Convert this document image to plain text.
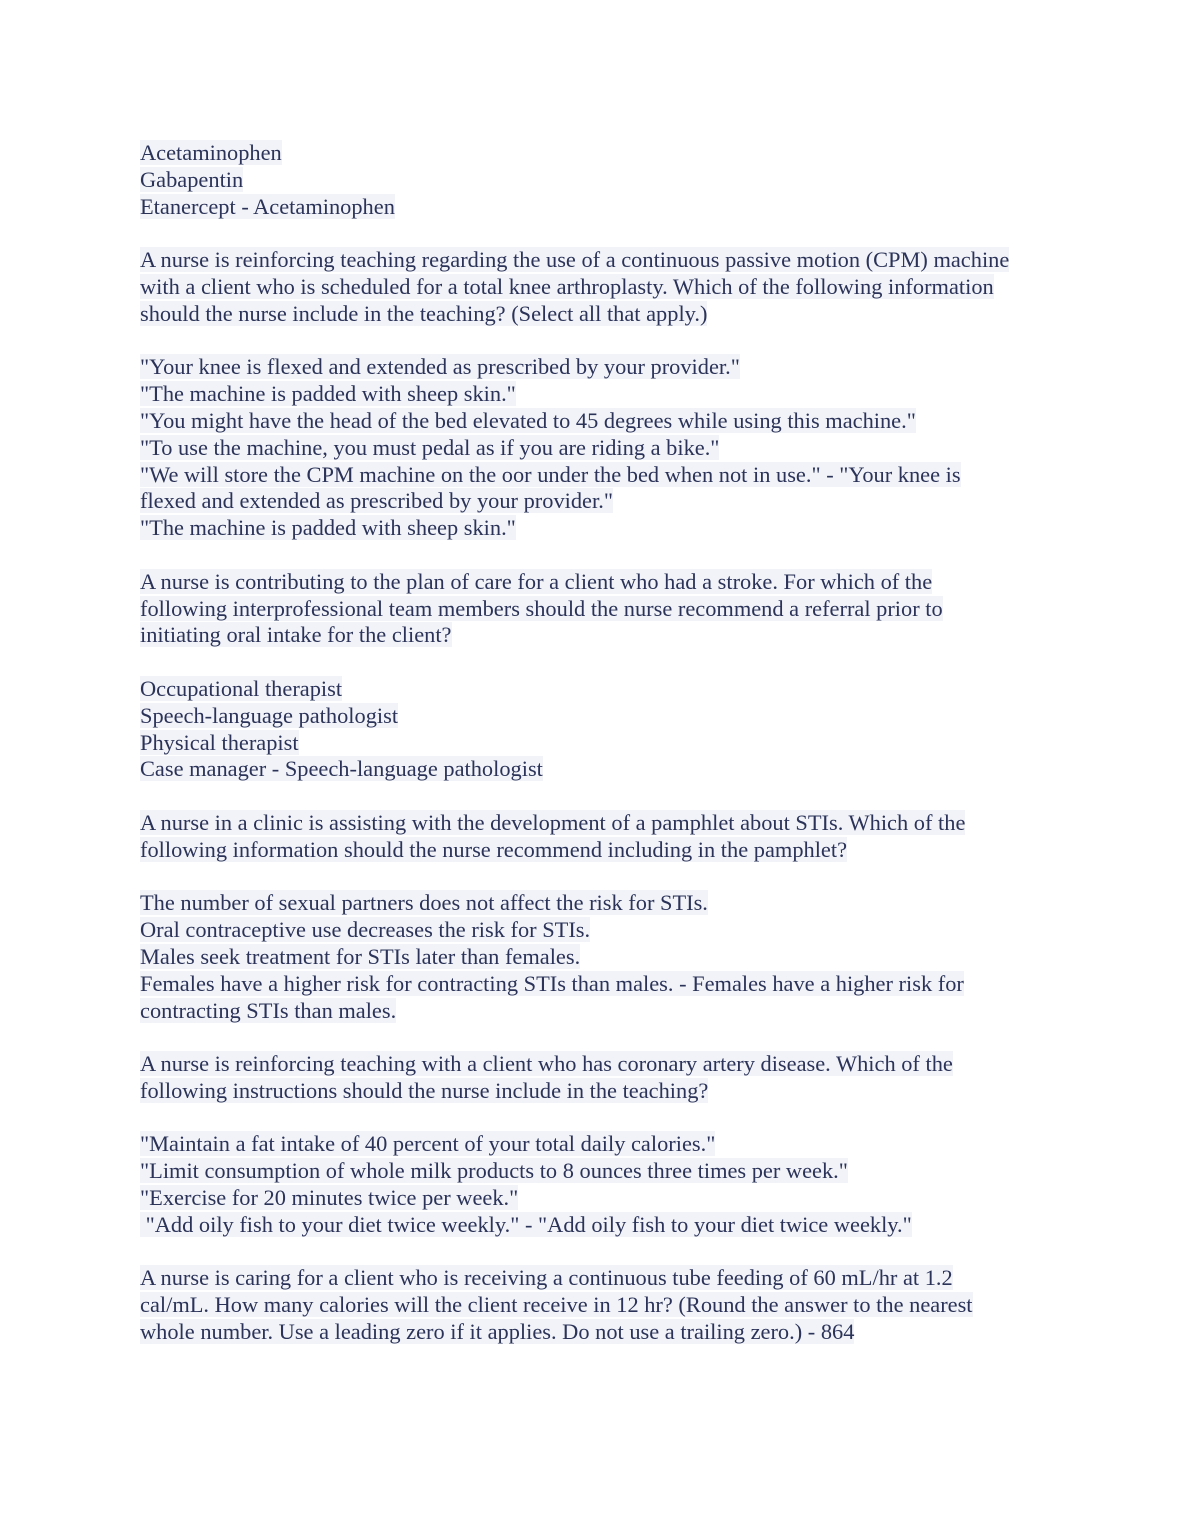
Acetaminophen
Gabapentin
Etanercept - Acetaminophen
A nurse is reinforcing teaching regarding the use of a continuous passive motion (CPM) machine
with a client who is scheduled for a total knee arthroplasty. Which of the following information
should the nurse include in the teaching? (Select all that apply.)
"Your knee is flexed and extended as prescribed by your provider."
"The machine is padded with sheep skin."
"You might have the head of the bed elevated to 45 degrees while using this machine."
"To use the machine, you must pedal as if you are riding a bike."
"We will store the CPM machine on the oor under the bed when not in use." - "Your knee is
flexed and extended as prescribed by your provider."
"The machine is padded with sheep skin."
A nurse is contributing to the plan of care for a client who had a stroke. For which of the
following interprofessional team members should the nurse recommend a referral prior to
initiating oral intake for the client?
Occupational therapist
Speech-language pathologist
Physical therapist
Case manager - Speech-language pathologist
A nurse in a clinic is assisting with the development of a pamphlet about STIs. Which of the
following information should the nurse recommend including in the pamphlet?
The number of sexual partners does not affect the risk for STIs.
Oral contraceptive use decreases the risk for STIs.
Males seek treatment for STIs later than females.
Females have a higher risk for contracting STIs than males. - Females have a higher risk for
contracting STIs than males.
A nurse is reinforcing teaching with a client who has coronary artery disease. Which of the
following instructions should the nurse include in the teaching?
"Maintain a fat intake of 40 percent of your total daily calories."
"Limit consumption of whole milk products to 8 ounces three times per week."
"Exercise for 20 minutes twice per week."
"Add oily fish to your diet twice weekly." - "Add oily fish to your diet twice weekly."
A nurse is caring for a client who is receiving a continuous tube feeding of 60 mL/hr at 1.2
cal/mL. How many calories will the client receive in 12 hr? (Round the answer to the nearest
whole number. Use a leading zero if it applies. Do not use a trailing zero.) - 864
